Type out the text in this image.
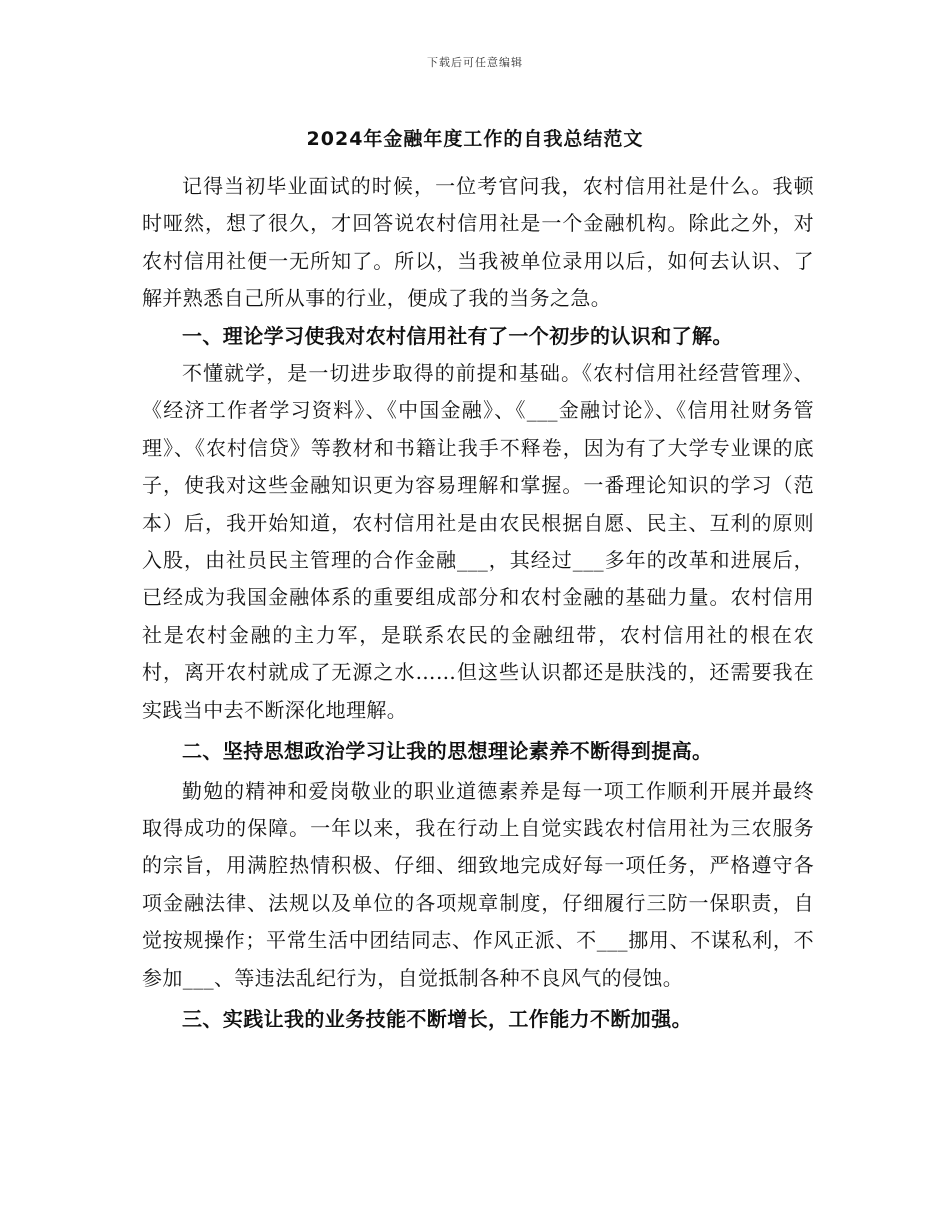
下载后可任意编辑
2024年金融年度工作的自我总结范文

记得当初毕业面试的时候，一位考官问我，农村信用社是什么。我顿时哑然，想了很久，才回答说农村信用社是一个金融机构。除此之外，对农村信用社便一无所知了。所以，当我被单位录用以后，如何去认识、了解并熟悉自己所从事的行业，便成了我的当务之急。

一、理论学习使我对农村信用社有了一个初步的认识和了解。

不懂就学，是一切进步取得的前提和基础。《农村信用社经营管理》、《经济工作者学习资料》、《中国金融》、《___金融讨论》、《信用社财务管理》、《农村信贷》等教材和书籍让我手不释卷，因为有了大学专业课的底子，使我对这些金融知识更为容易理解和掌握。一番理论知识的学习（范本）后，我开始知道，农村信用社是由农民根据自愿、民主、互利的原则入股，由社员民主管理的合作金融___，其经过___多年的改革和进展后，已经成为我国金融体系的重要组成部分和农村金融的基础力量。农村信用社是农村金融的主力军，是联系农民的金融纽带，农村信用社的根在农村，离开农村就成了无源之水……但这些认识都还是肤浅的，还需要我在实践当中去不断深化地理解。

二、坚持思想政治学习让我的思想理论素养不断得到提高。

勤勉的精神和爱岗敬业的职业道德素养是每一项工作顺利开展并最终取得成功的保障。一年以来，我在行动上自觉实践农村信用社为三农服务的宗旨，用满腔热情积极、仔细、细致地完成好每一项任务，严格遵守各项金融法律、法规以及单位的各项规章制度，仔细履行三防一保职责，自觉按规操作；平常生活中团结同志、作风正派、不___挪用、不谋私利，不参加___、等违法乱纪行为，自觉抵制各种不良风气的侵蚀。

三、实践让我的业务技能不断增长，工作能力不断加强。
